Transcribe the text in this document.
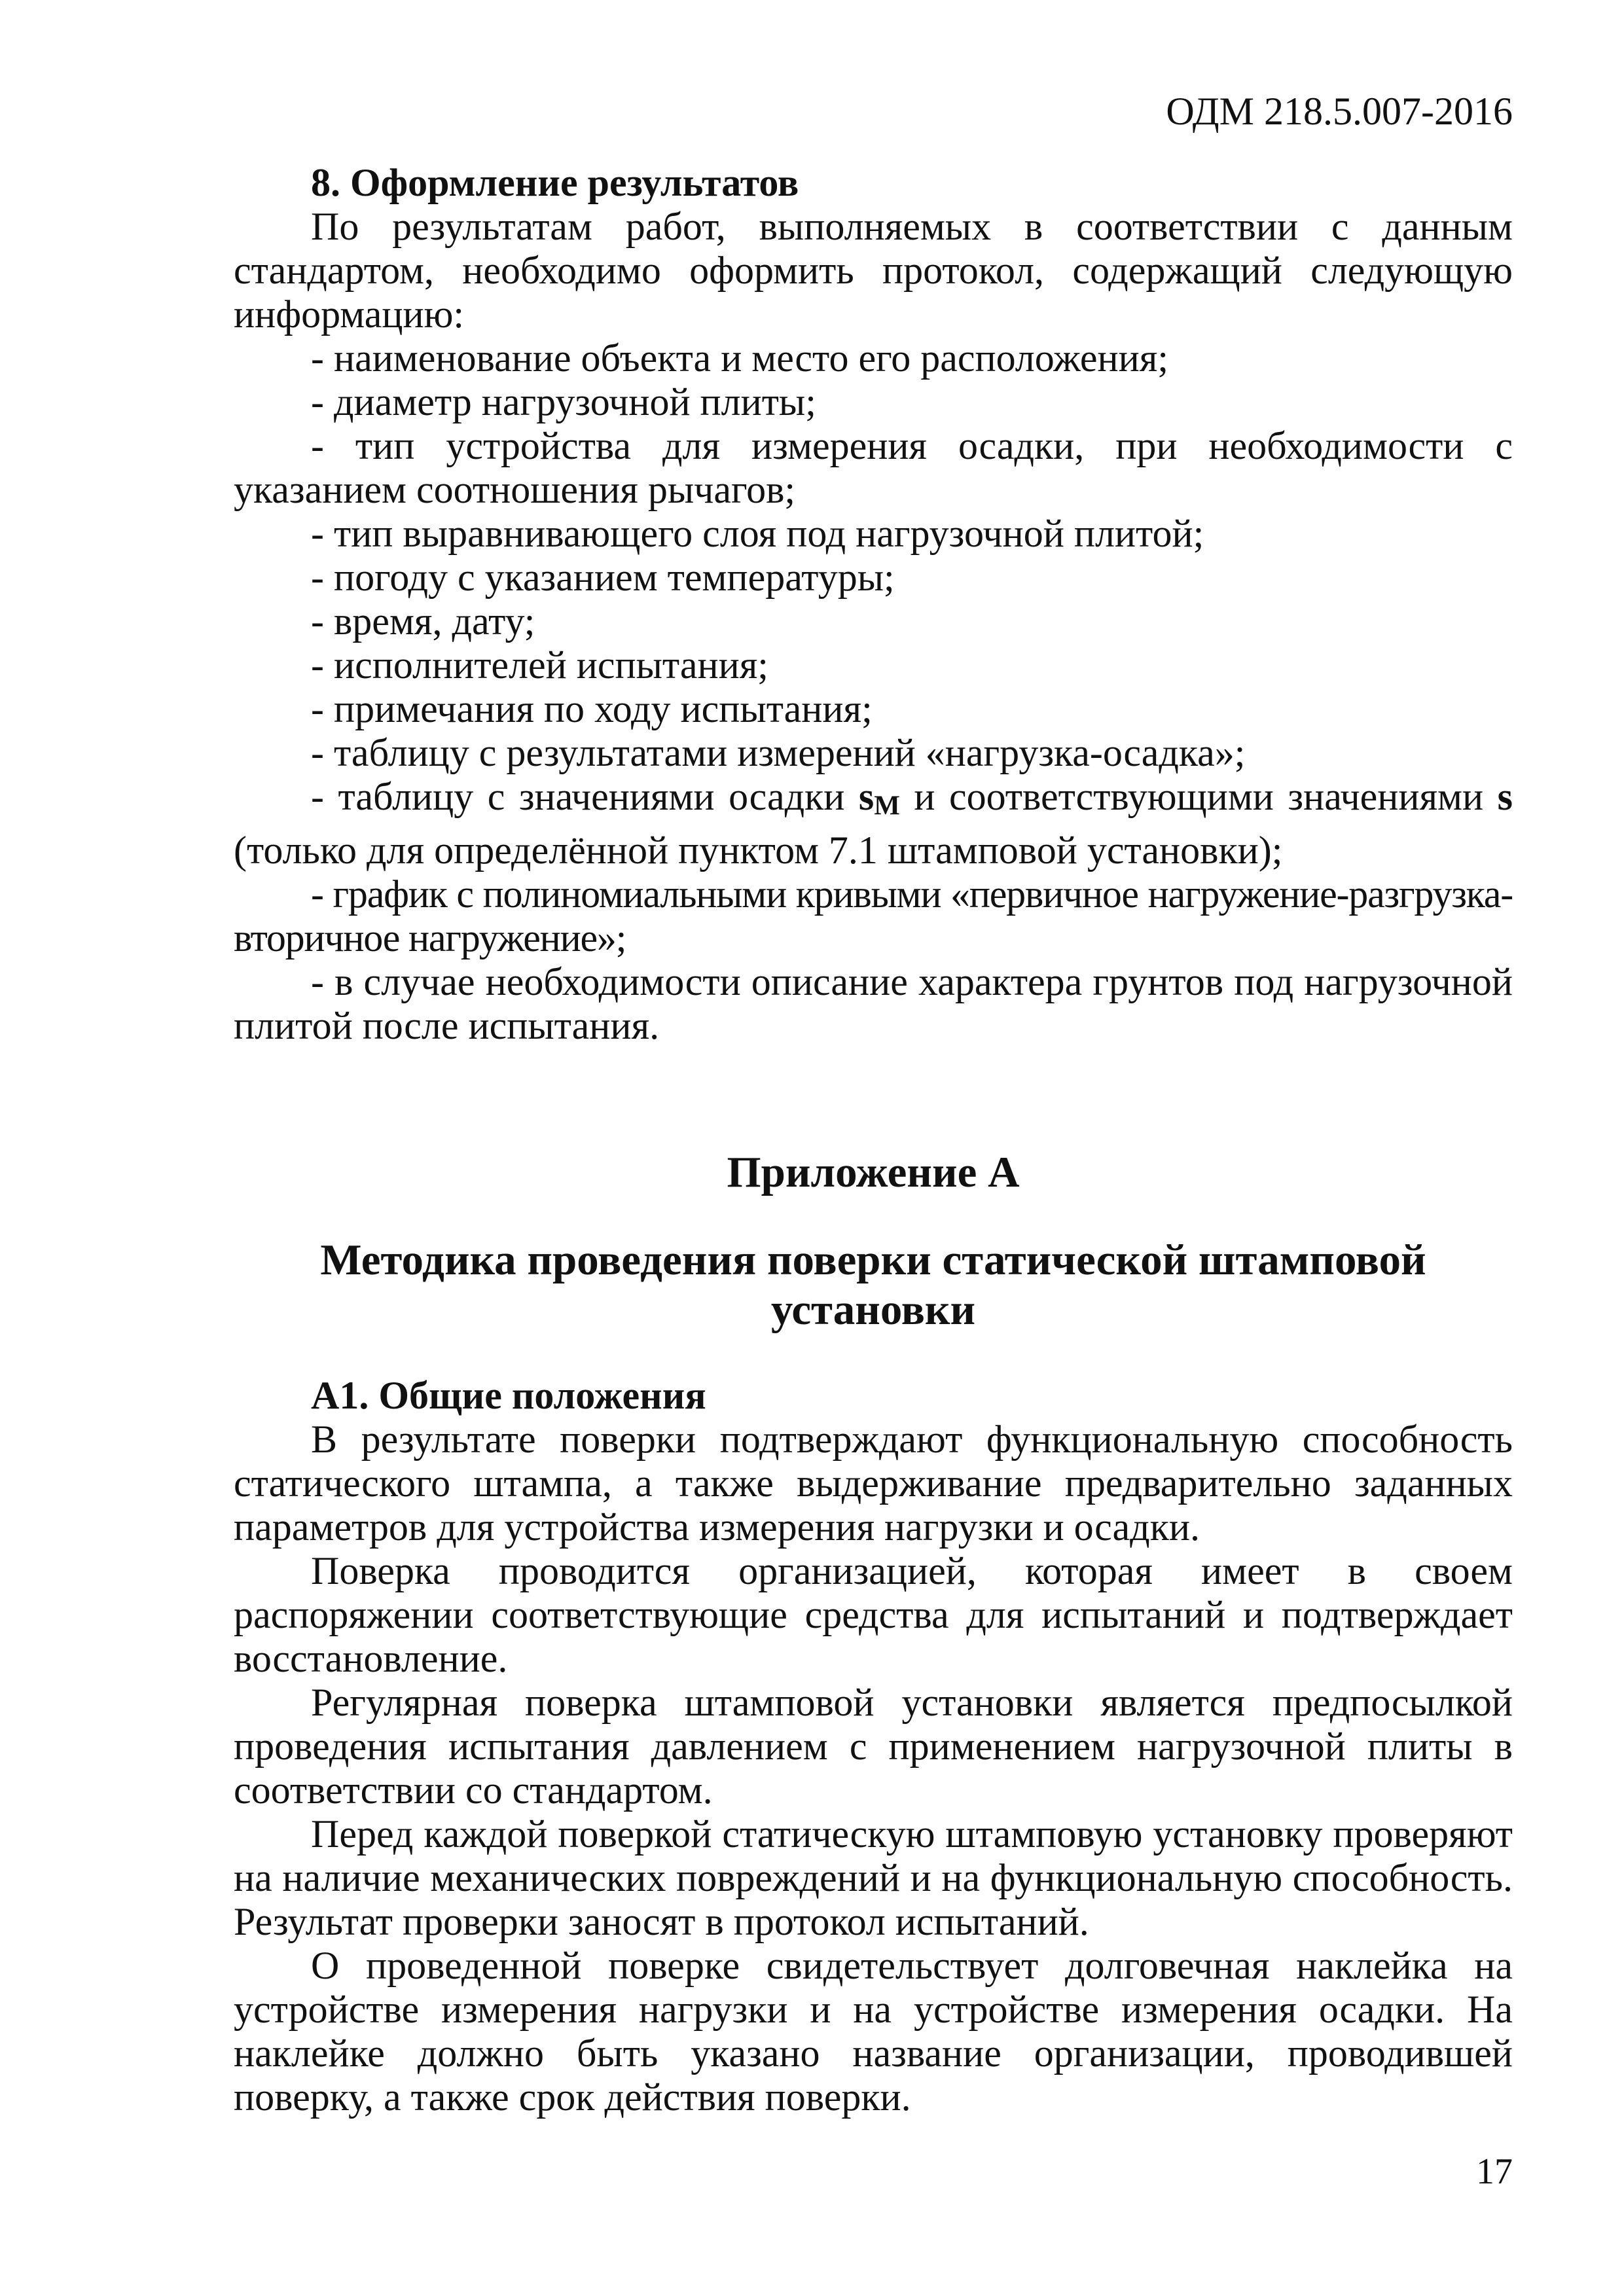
ОДМ 218.5.007-2016

8. Оформление результатов

По результатам работ, выполняемых в соответствии с данным стандартом, необходимо оформить протокол, содержащий следующую информацию:

- наименование объекта и место его расположения;

- диаметр нагрузочной плиты;

- тип устройства для измерения осадки, при необходимости с указанием соотношения рычагов;

- тип выравнивающего слоя под нагрузочной плитой;

- погоду с указанием температуры;

- время, дату;

- исполнителей испытания;

- примечания по ходу испытания;

- таблицу с результатами измерений «нагрузка-осадка»;

- таблицу с значениями осадки sM и соответствующими значениями s (только для определённой пунктом 7.1 штамповой установки);

- график с полиномиальными кривыми «первичное нагружение-разгрузка-вторичное нагружение»;

- в случае необходимости описание характера грунтов под нагрузочной плитой после испытания.

Приложение А

Методика проведения поверки статической штамповой установки

А1. Общие положения

В результате поверки подтверждают функциональную способность статического штампа, а также выдерживание предварительно заданных параметров для устройства измерения нагрузки и осадки.

Поверка проводится организацией, которая имеет в своем распоряжении соответствующие средства для испытаний и подтверждает восстановление.

Регулярная поверка штамповой установки является предпосылкой проведения испытания давлением с применением нагрузочной плиты в соответствии со стандартом.

Перед каждой поверкой статическую штамповую установку проверяют на наличие механических повреждений и на функциональную способность. Результат проверки заносят в протокол испытаний.

О проведенной поверке свидетельствует долговечная наклейка на устройстве измерения нагрузки и на устройстве измерения осадки. На наклейке должно быть указано название организации, проводившей поверку, а также срок действия поверки.

17
